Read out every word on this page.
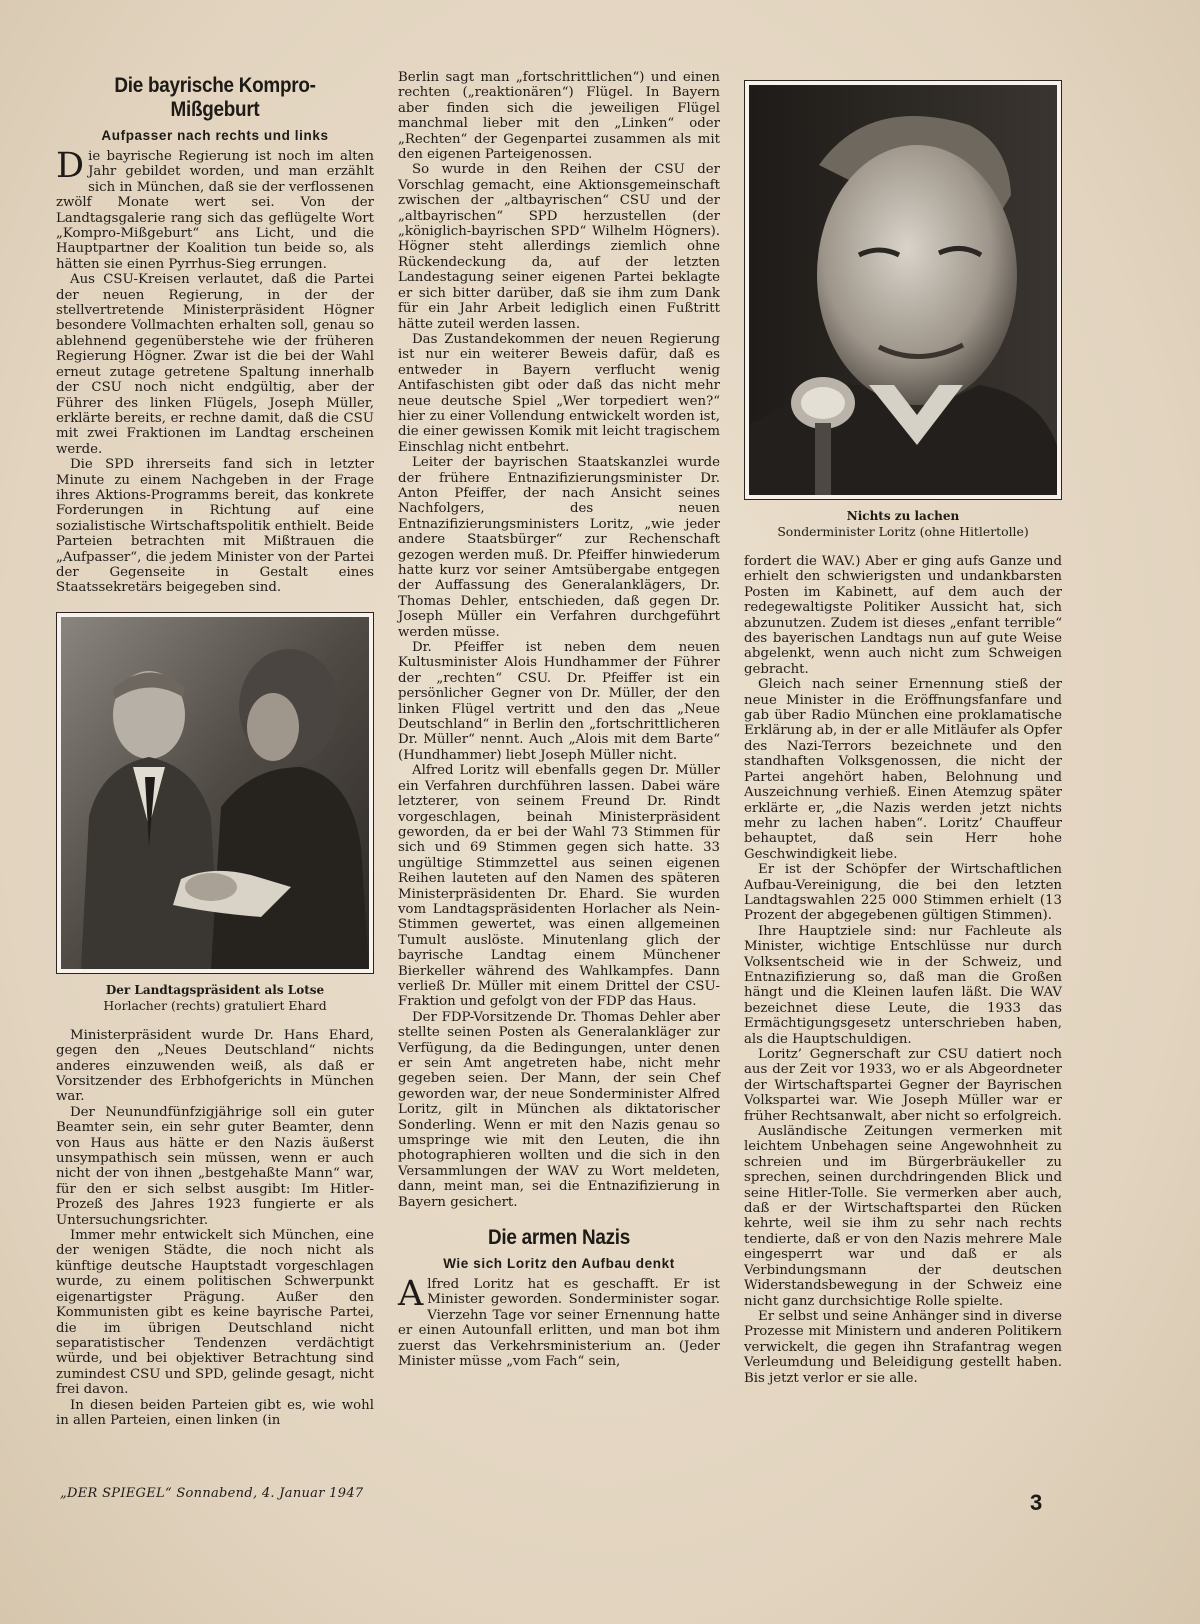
Die bayrische Kompro-Mißgeburt
Aufpasser nach rechts und links

Die bayrische Regierung ist noch im alten Jahr gebildet worden, und man erzählt sich in München, daß sie der verflossenen zwölf Monate wert sei. Von der Landtagsgalerie rang sich das geflügelte Wort „Kompro-Mißgeburt“ ans Licht, und die Hauptpartner der Koalition tun beide so, als hätten sie einen Pyrrhus-Sieg errungen.

Aus CSU-Kreisen verlautet, daß die Partei der neuen Regierung, in der der stellvertretende Ministerpräsident Högner besondere Vollmachten erhalten soll, genau so ablehnend gegenüberstehe wie der früheren Regierung Högner. Zwar ist die bei der Wahl erneut zutage getretene Spaltung innerhalb der CSU noch nicht endgültig, aber der Führer des linken Flügels, Joseph Müller, erklärte bereits, er rechne damit, daß die CSU mit zwei Fraktionen im Landtag erscheinen werde.

Die SPD ihrerseits fand sich in letzter Minute zu einem Nachgeben in der Frage ihres Aktions-Programms bereit, das konkrete Forderungen in Richtung auf eine sozialistische Wirtschaftspolitik enthielt. Beide Parteien betrachten mit Mißtrauen die „Aufpasser“, die jedem Minister von der Partei der Gegenseite in Gestalt eines Staatssekretärs beigegeben sind.

Der Landtagspräsident als Lotse
Horlacher (rechts) gratuliert Ehard

Ministerpräsident wurde Dr. Hans Ehard, gegen den „Neues Deutschland“ nichts anderes einzuwenden weiß, als daß er Vorsitzender des Erbhofgerichts in München war.

Der Neunundfünfzigjährige soll ein guter Beamter sein, ein sehr guter Beamter, denn von Haus aus hätte er den Nazis äußerst unsympathisch sein müssen, wenn er auch nicht der von ihnen „bestgehaßte Mann“ war, für den er sich selbst ausgibt: Im Hitler-Prozeß des Jahres 1923 fungierte er als Untersuchungsrichter.

Immer mehr entwickelt sich München, eine der wenigen Städte, die noch nicht als künftige deutsche Hauptstadt vorgeschlagen wurde, zu einem politischen Schwerpunkt eigenartigster Prägung. Außer den Kommunisten gibt es keine bayrische Partei, die im übrigen Deutschland nicht separatistischer Tendenzen verdächtigt würde, und bei objektiver Betrachtung sind zumindest CSU und SPD, gelinde gesagt, nicht frei davon.

In diesen beiden Parteien gibt es, wie wohl in allen Parteien, einen linken (in

Berlin sagt man „fortschrittlichen“) und einen rechten („reaktionären“) Flügel. In Bayern aber finden sich die jeweiligen Flügel manchmal lieber mit den „Linken“ oder „Rechten“ der Gegenpartei zusammen als mit den eigenen Parteigenossen.

So wurde in den Reihen der CSU der Vorschlag gemacht, eine Aktionsgemeinschaft zwischen der „altbayrischen“ CSU und der „altbayrischen“ SPD herzustellen (der „königlich-bayrischen SPD“ Wilhelm Högners). Högner steht allerdings ziemlich ohne Rückendeckung da, auf der letzten Landestagung seiner eigenen Partei beklagte er sich bitter darüber, daß sie ihm zum Dank für ein Jahr Arbeit lediglich einen Fußtritt hätte zuteil werden lassen.

Das Zustandekommen der neuen Regierung ist nur ein weiterer Beweis dafür, daß es entweder in Bayern verflucht wenig Antifaschisten gibt oder daß das nicht mehr neue deutsche Spiel „Wer torpediert wen?“ hier zu einer Vollendung entwickelt worden ist, die einer gewissen Komik mit leicht tragischem Einschlag nicht entbehrt.

Leiter der bayrischen Staatskanzlei wurde der frühere Entnazifizierungsminister Dr. Anton Pfeiffer, der nach Ansicht seines Nachfolgers, des neuen Entnazifizierungsministers Loritz, „wie jeder andere Staatsbürger“ zur Rechenschaft gezogen werden muß. Dr. Pfeiffer hinwiederum hatte kurz vor seiner Amtsübergabe entgegen der Auffassung des Generalanklägers, Dr. Thomas Dehler, entschieden, daß gegen Dr. Joseph Müller ein Verfahren durchgeführt werden müsse.

Dr. Pfeiffer ist neben dem neuen Kultusminister Alois Hundhammer der Führer der „rechten“ CSU. Dr. Pfeiffer ist ein persönlicher Gegner von Dr. Müller, der den linken Flügel vertritt und den das „Neue Deutschland“ in Berlin den „fortschrittlicheren Dr. Müller“ nennt. Auch „Alois mit dem Barte“ (Hundhammer) liebt Joseph Müller nicht.

Alfred Loritz will ebenfalls gegen Dr. Müller ein Verfahren durchführen lassen. Dabei wäre letzterer, von seinem Freund Dr. Rindt vorgeschlagen, beinah Ministerpräsident geworden, da er bei der Wahl 73 Stimmen für sich und 69 Stimmen gegen sich hatte. 33 ungültige Stimmzettel aus seinen eigenen Reihen lauteten auf den Namen des späteren Ministerpräsidenten Dr. Ehard. Sie wurden vom Landtagspräsidenten Horlacher als Nein-Stimmen gewertet, was einen allgemeinen Tumult auslöste. Minutenlang glich der bayrische Landtag einem Münchener Bierkeller während des Wahlkampfes. Dann verließ Dr. Müller mit einem Drittel der CSU-Fraktion und gefolgt von der FDP das Haus.

Der FDP-Vorsitzende Dr. Thomas Dehler aber stellte seinen Posten als Generalankläger zur Verfügung, da die Bedingungen, unter denen er sein Amt angetreten habe, nicht mehr gegeben seien. Der Mann, der sein Chef geworden war, der neue Sonderminister Alfred Loritz, gilt in München als diktatorischer Sonderling. Wenn er mit den Nazis genau so umspringe wie mit den Leuten, die ihn photographieren wollten und die sich in den Versammlungen der WAV zu Wort meldeten, dann, meint man, sei die Entnazifizierung in Bayern gesichert.

Die armen Nazis
Wie sich Loritz den Aufbau denkt

Alfred Loritz hat es geschafft. Er ist Minister geworden. Sonderminister sogar. Vierzehn Tage vor seiner Ernennung hatte er einen Autounfall erlitten, und man bot ihm zuerst das Verkehrsministerium an. (Jeder Minister müsse „vom Fach“ sein,

Nichts zu lachen
Sonderminister Loritz (ohne Hitlertolle)

fordert die WAV.) Aber er ging aufs Ganze und erhielt den schwierigsten und undankbarsten Posten im Kabinett, auf dem auch der redegewaltigste Politiker Aussicht hat, sich abzunutzen. Zudem ist dieses „enfant terrible“ des bayerischen Landtags nun auf gute Weise abgelenkt, wenn auch nicht zum Schweigen gebracht.

Gleich nach seiner Ernennung stieß der neue Minister in die Eröffnungsfanfare und gab über Radio München eine proklamatische Erklärung ab, in der er alle Mitläufer als Opfer des Nazi-Terrors bezeichnete und den standhaften Volksgenossen, die nicht der Partei angehört haben, Belohnung und Auszeichnung verhieß. Einen Atemzug später erklärte er, „die Nazis werden jetzt nichts mehr zu lachen haben“. Loritz’ Chauffeur behauptet, daß sein Herr hohe Geschwindigkeit liebe.

Er ist der Schöpfer der Wirtschaftlichen Aufbau-Vereinigung, die bei den letzten Landtagswahlen 225 000 Stimmen erhielt (13 Prozent der abgegebenen gültigen Stimmen).

Ihre Hauptziele sind: nur Fachleute als Minister, wichtige Entschlüsse nur durch Volksentscheid wie in der Schweiz, und Entnazifizierung so, daß man die Großen hängt und die Kleinen laufen läßt. Die WAV bezeichnet diese Leute, die 1933 das Ermächtigungsgesetz unterschrieben haben, als die Hauptschuldigen.

Loritz’ Gegnerschaft zur CSU datiert noch aus der Zeit vor 1933, wo er als Abgeordneter der Wirtschaftspartei Gegner der Bayrischen Volkspartei war. Wie Joseph Müller war er früher Rechtsanwalt, aber nicht so erfolgreich.

Ausländische Zeitungen vermerken mit leichtem Unbehagen seine Angewohnheit zu schreien und im Bürgerbräukeller zu sprechen, seinen durchdringenden Blick und seine Hitler-Tolle. Sie vermerken aber auch, daß er der Wirtschaftspartei den Rücken kehrte, weil sie ihm zu sehr nach rechts tendierte, daß er von den Nazis mehrere Male eingesperrt war und daß er als Verbindungsmann der deutschen Widerstandsbewegung in der Schweiz eine nicht ganz durchsichtige Rolle spielte.

Er selbst und seine Anhänger sind in diverse Prozesse mit Ministern und anderen Politikern verwickelt, die gegen ihn Strafantrag wegen Verleumdung und Beleidigung gestellt haben. Bis jetzt verlor er sie alle.

„DER SPIEGEL“ Sonnabend, 4. Januar 1947	3
